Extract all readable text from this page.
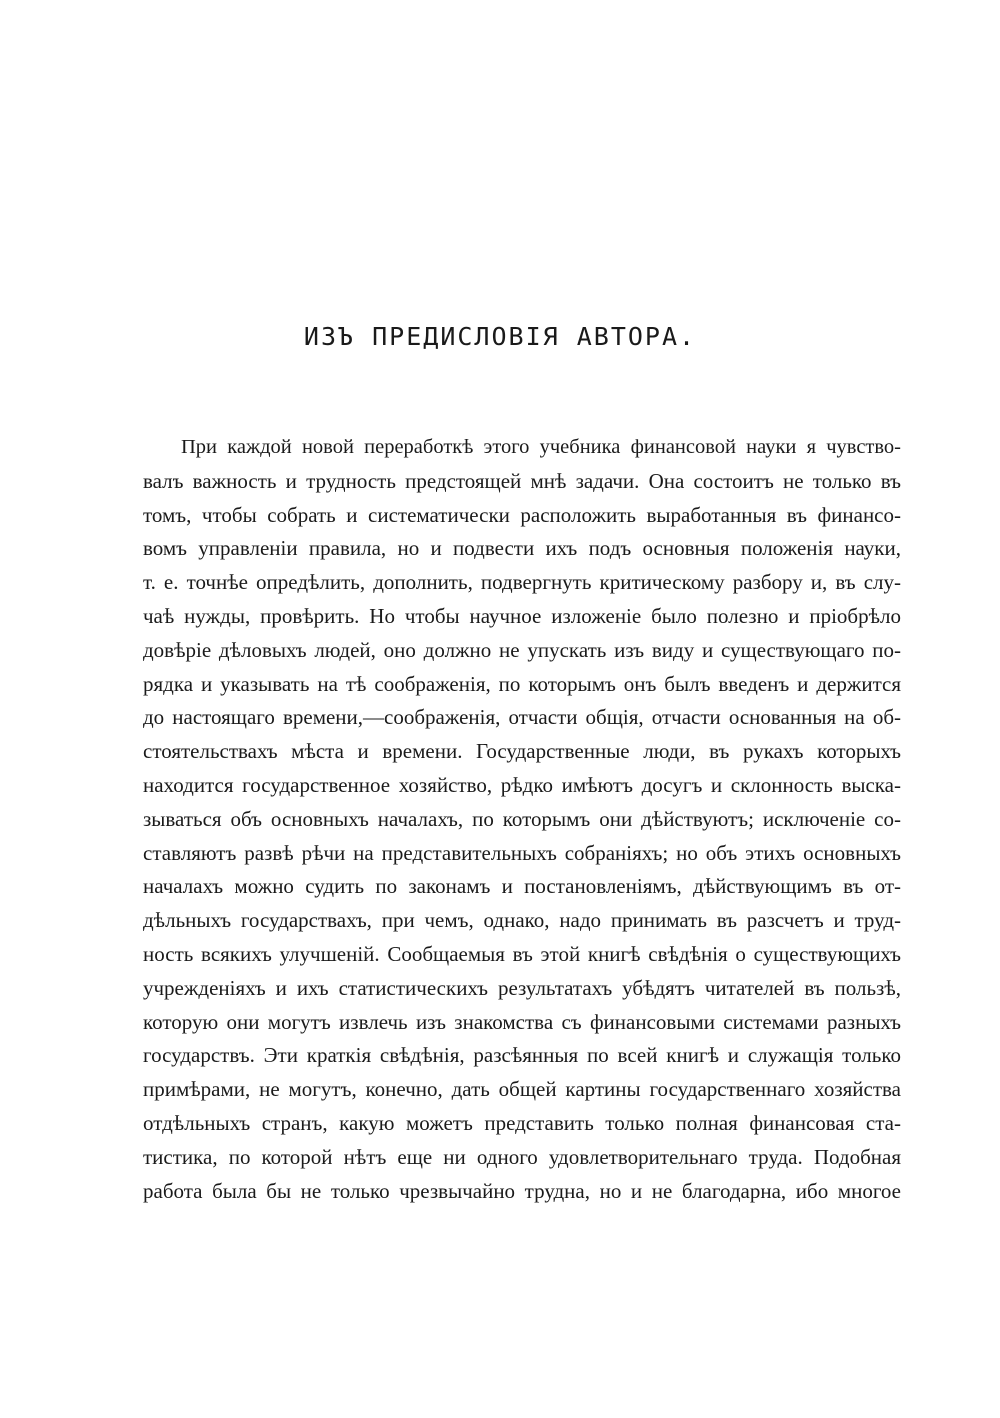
ИЗЪ ПРЕДИСЛОВІЯ АВТОРА.
При каждой новой переработкѣ этого учебника финансовой науки я чувство-
валъ важность и трудность предстоящей мнѣ задачи. Она состоитъ не только въ
томъ, чтобы собрать и систематически расположить выработанныя въ финансо-
вомъ управленіи правила, но и подвести ихъ подъ основныя положенія науки,
т. е. точнѣе опредѣлить, дополнить, подвергнуть критическому разбору и, въ слу-
чаѣ нужды, провѣрить. Но чтобы научное изложеніе было полезно и пріобрѣло
довѣріе дѣловыхъ людей, оно должно не упускать изъ виду и существующаго по-
рядка и указывать на тѣ соображенія, по которымъ онъ былъ введенъ и держится
до настоящаго времени,—соображенія, отчасти общія, отчасти основанныя на об-
стоятельствахъ мѣста и времени. Государственные люди, въ рукахъ которыхъ
находится государственное хозяйство, рѣдко имѣютъ досугъ и склонность выска-
зываться объ основныхъ началахъ, по которымъ они дѣйствуютъ; исключеніе со-
ставляютъ развѣ рѣчи на представительныхъ собраніяхъ; но объ этихъ основныхъ
началахъ можно судить по законамъ и постановленіямъ, дѣйствующимъ въ от-
дѣльныхъ государствахъ, при чемъ, однако, надо принимать въ разсчетъ и труд-
ность всякихъ улучшеній. Сообщаемыя въ этой книгѣ свѣдѣнія о существующихъ
учрежденіяхъ и ихъ статистическихъ результатахъ убѣдятъ читателей въ пользѣ,
которую они могутъ извлечь изъ знакомства съ финансовыми системами разныхъ
государствъ. Эти краткія свѣдѣнія, разсѣянныя по всей книгѣ и служащія только
примѣрами, не могутъ, конечно, дать общей картины государственнаго хозяйства
отдѣльныхъ странъ, какую можетъ представить только полная финансовая ста-
тистика, по которой нѣтъ еще ни одного удовлетворительнаго труда. Подобная
работа была бы не только чрезвычайно трудна, но и не благодарна, ибо многое
